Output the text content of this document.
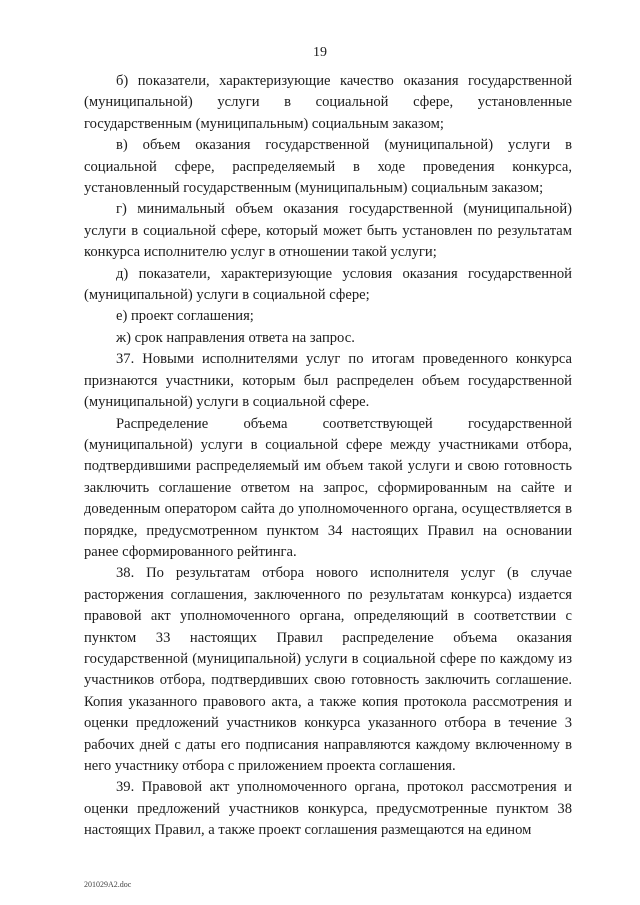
19

б) показатели, характеризующие качество оказания государственной (муниципальной) услуги в социальной сфере, установленные государственным (муниципальным) социальным заказом;

в) объем оказания государственной (муниципальной) услуги в социальной сфере, распределяемый в ходе проведения конкурса, установленный государственным (муниципальным) социальным заказом;

г) минимальный объем оказания государственной (муниципальной) услуги в социальной сфере, который может быть установлен по результатам конкурса исполнителю услуг в отношении такой услуги;

д) показатели, характеризующие условия оказания государственной (муниципальной) услуги в социальной сфере;

е) проект соглашения;

ж) срок направления ответа на запрос.

37. Новыми исполнителями услуг по итогам проведенного конкурса признаются участники, которым был распределен объем государственной (муниципальной) услуги в социальной сфере.

Распределение объема соответствующей государственной (муниципальной) услуги в социальной сфере между участниками отбора, подтвердившими распределяемый им объем такой услуги и свою готовность заключить соглашение ответом на запрос, сформированным на сайте и доведенным оператором сайта до уполномоченного органа, осуществляется в порядке, предусмотренном пунктом 34 настоящих Правил на основании ранее сформированного рейтинга.

38. По результатам отбора нового исполнителя услуг (в случае расторжения соглашения, заключенного по результатам конкурса) издается правовой акт уполномоченного органа, определяющий в соответствии с пунктом 33 настоящих Правил распределение объема оказания государственной (муниципальной) услуги в социальной сфере по каждому из участников отбора, подтвердивших свою готовность заключить соглашение. Копия указанного правового акта, а также копия протокола рассмотрения и оценки предложений участников конкурса указанного отбора в течение 3 рабочих дней с даты его подписания направляются каждому включенному в него участнику отбора с приложением проекта соглашения.

39. Правовой акт уполномоченного органа, протокол рассмотрения и оценки предложений участников конкурса, предусмотренные пунктом 38 настоящих Правил, а также проект соглашения размещаются на едином

201029A2.doc
